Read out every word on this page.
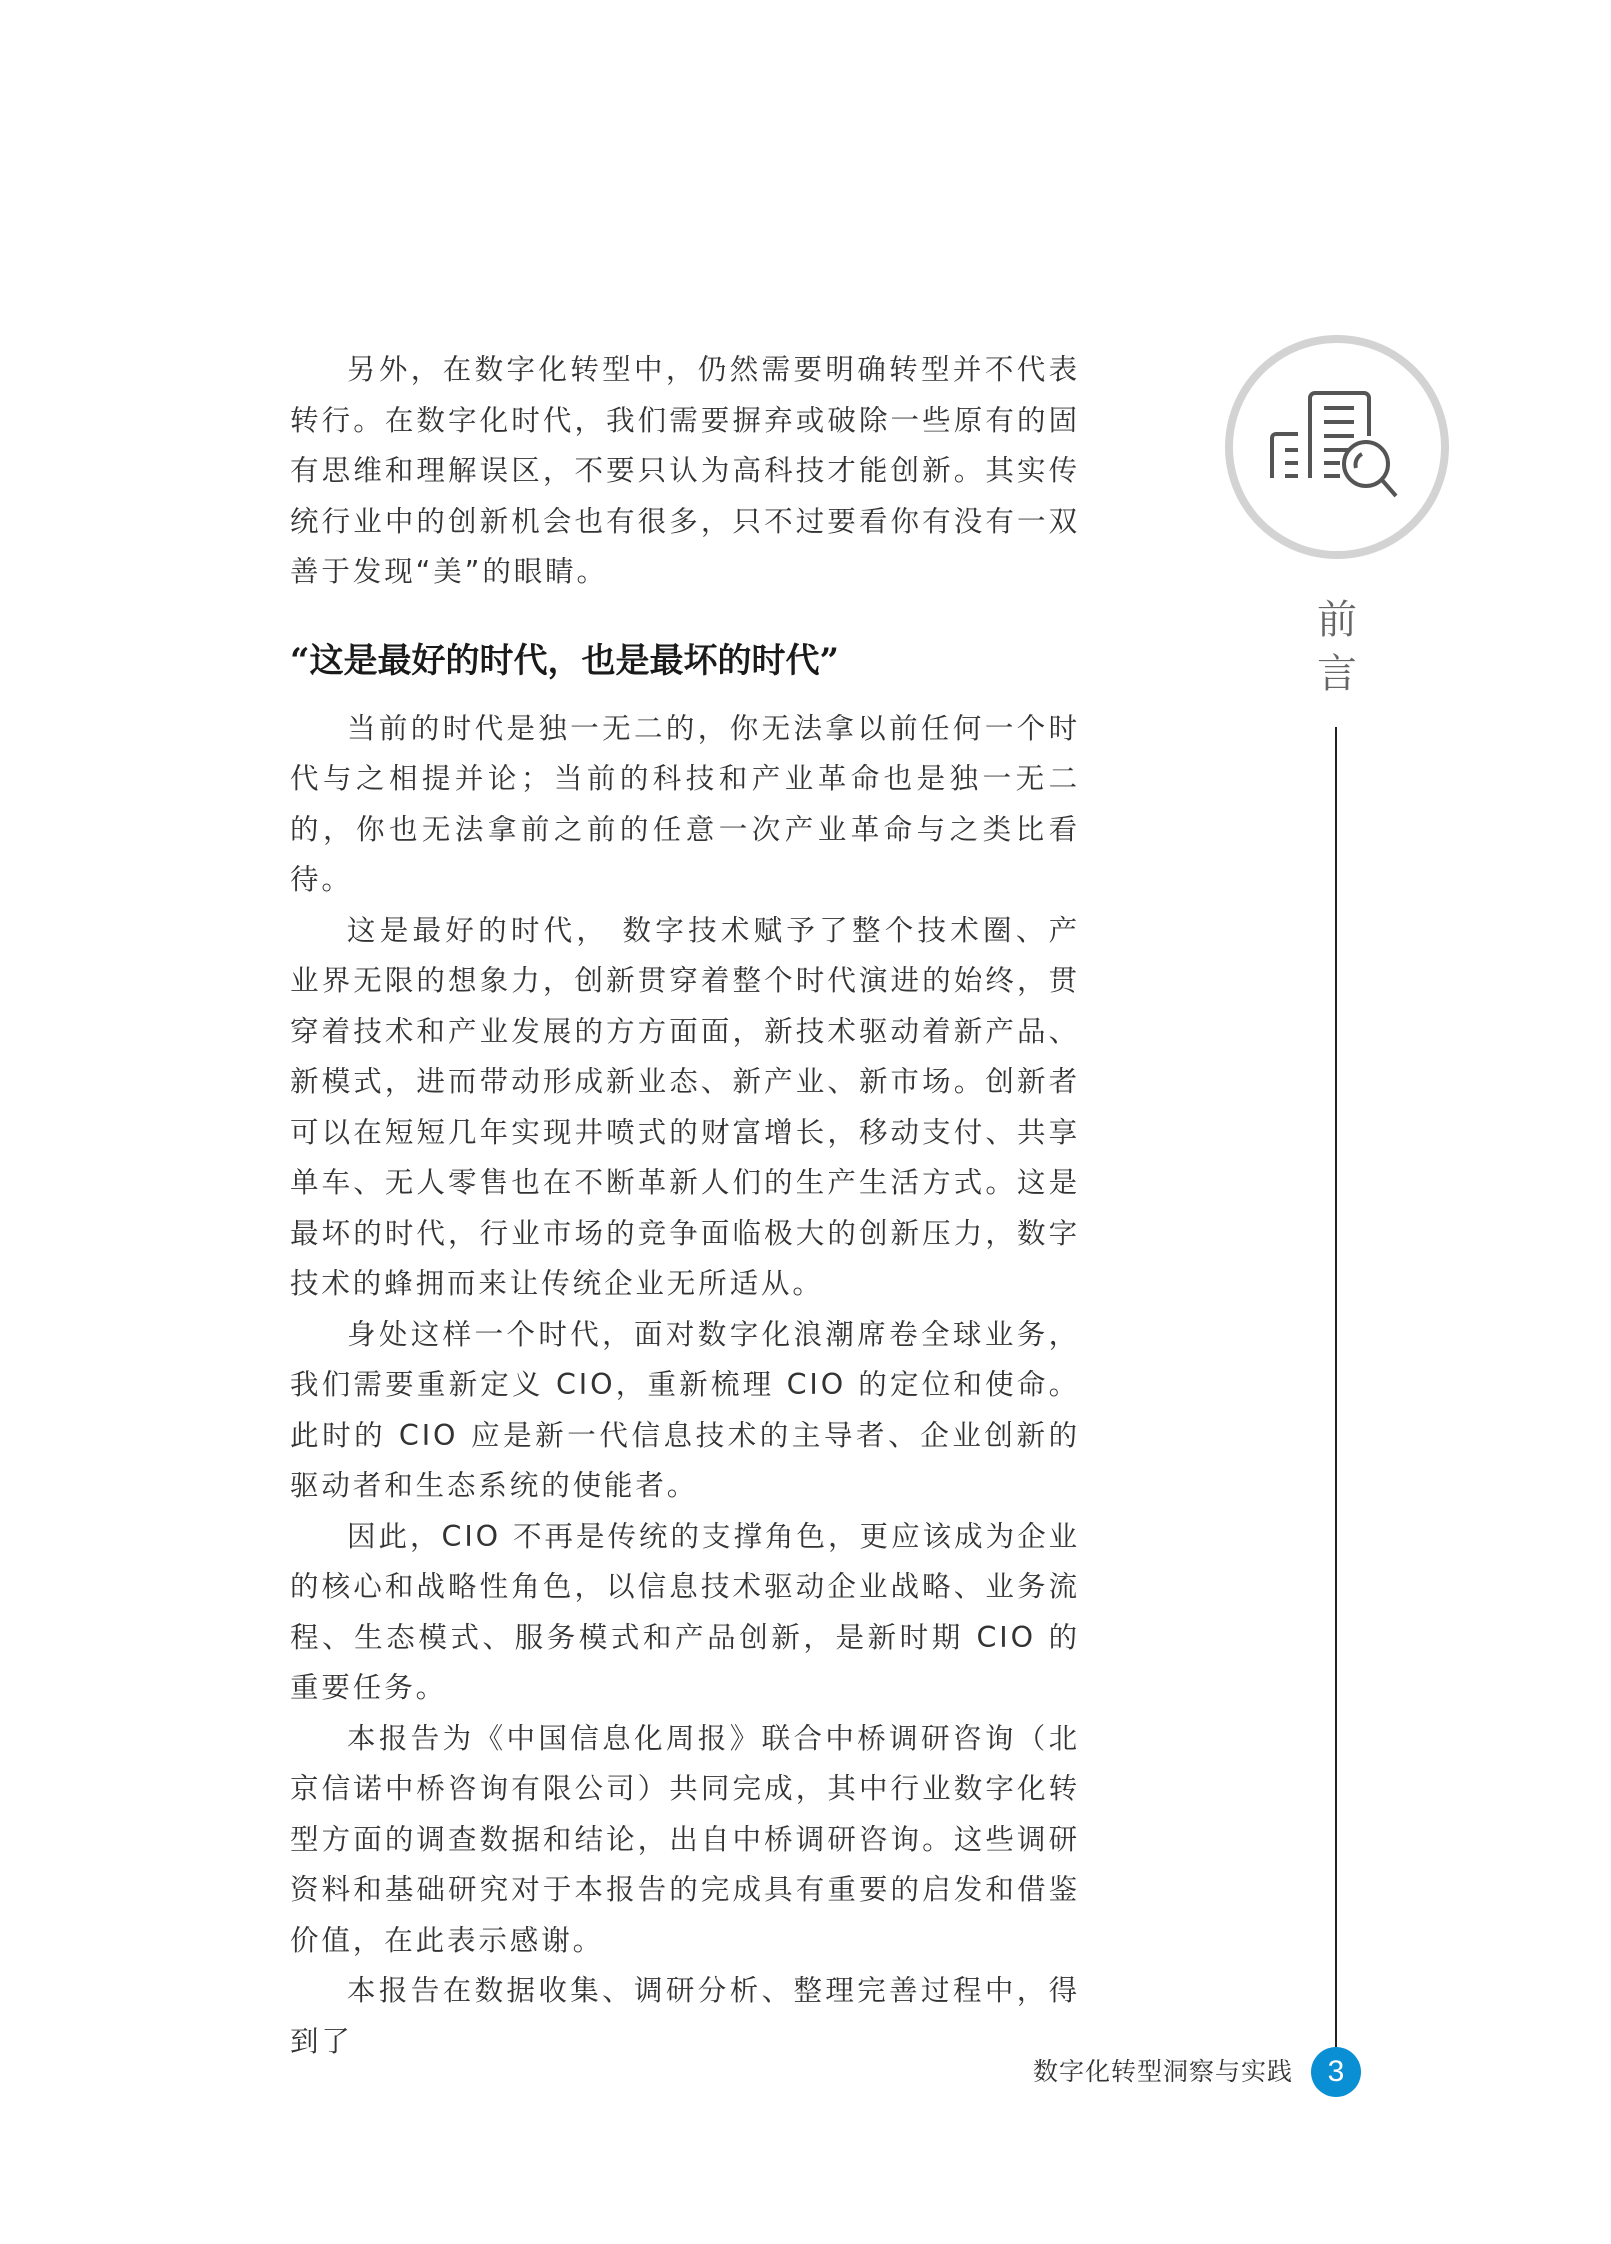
另外，在数字化转型中，仍然需要明确转型并不代表转行。在数字化时代，我们需要摒弃或破除一些原有的固有思维和理解误区，不要只认为高科技才能创新。其实传统行业中的创新机会也有很多，只不过要看你有没有一双善于发现“美”的眼睛。

“这是最好的时代，也是最坏的时代”

当前的时代是独一无二的，你无法拿以前任何一个时代与之相提并论；当前的科技和产业革命也是独一无二的，你也无法拿前之前的任意一次产业革命与之类比看待。

这是最好的时代， 数字技术赋予了整个技术圈、产业界无限的想象力，创新贯穿着整个时代演进的始终，贯穿着技术和产业发展的方方面面，新技术驱动着新产品、新模式，进而带动形成新业态、新产业、新市场。创新者可以在短短几年实现井喷式的财富增长，移动支付、共享单车、无人零售也在不断革新人们的生产生活方式。这是最坏的时代，行业市场的竞争面临极大的创新压力，数字技术的蜂拥而来让传统企业无所适从。

身处这样一个时代，面对数字化浪潮席卷全球业务，我们需要重新定义 CIO，重新梳理 CIO 的定位和使命。此时的 CIO 应是新一代信息技术的主导者、企业创新的驱动者和生态系统的使能者。

因此，CIO 不再是传统的支撑角色，更应该成为企业的核心和战略性角色，以信息技术驱动企业战略、业务流程、生态模式、服务模式和产品创新，是新时期 CIO 的重要任务。

本报告为《中国信息化周报》联合中桥调研咨询（北京信诺中桥咨询有限公司）共同完成，其中行业数字化转型方面的调查数据和结论，出自中桥调研咨询。这些调研资料和基础研究对于本报告的完成具有重要的启发和借鉴价值，在此表示感谢。

本报告在数据收集、调研分析、整理完善过程中，得到了

前言
数字化转型洞察与实践	3
